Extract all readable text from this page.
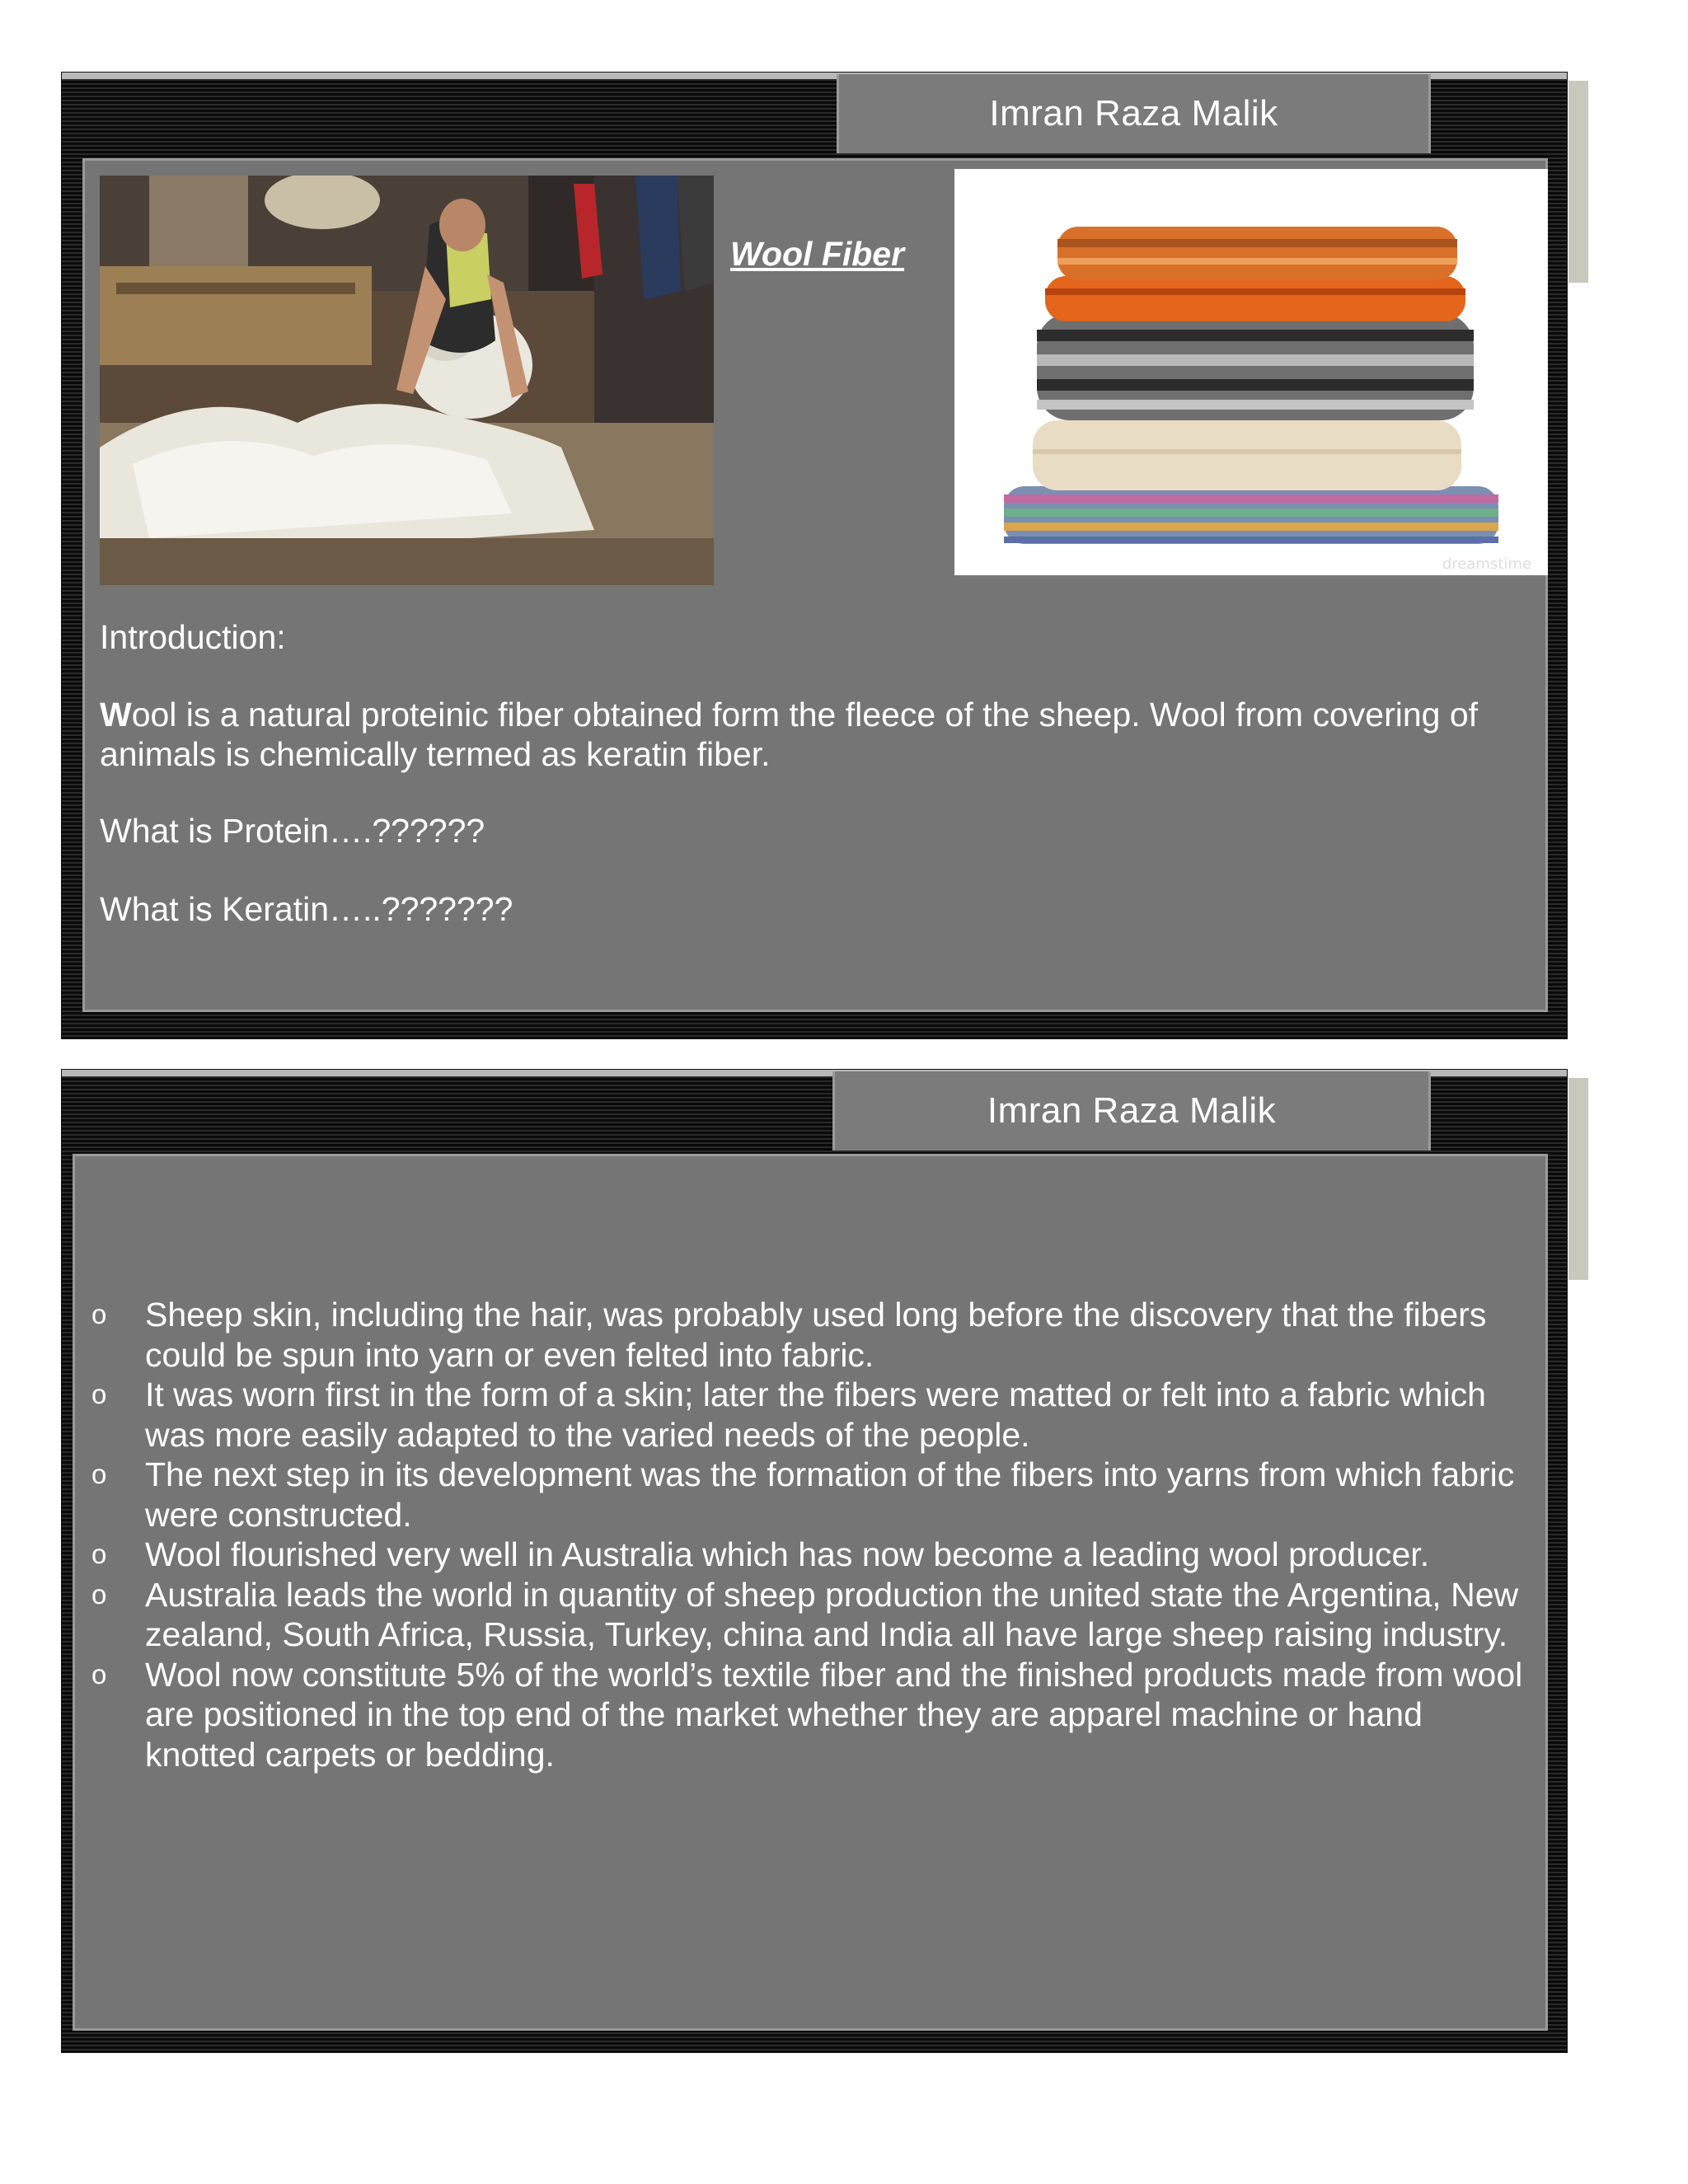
Imran Raza Malik
Wool Fiber
dreamstime
Introduction:
Wool is a natural proteinic fiber obtained form the fleece of the sheep. Wool from covering of animals is chemically termed as keratin fiber.
What is Protein….??????
What is Keratin…..???????
Imran Raza Malik
o	Sheep skin, including the hair, was probably used long before the discovery that the fibers could be spun into yarn or even felted into fabric.
o	It was worn first in the form of a skin; later the fibers were matted or felt into a fabric which was more easily adapted to the varied needs of the people.
o	The next step in its development was the formation of the fibers into yarns from which fabric were constructed.
o	Wool flourished very well in Australia which has now become a leading wool producer.
o	Australia leads the world in quantity of sheep production the united state the Argentina, New zealand, South Africa, Russia, Turkey, china and India all have large sheep raising industry.
o	Wool now constitute 5% of the world’s textile fiber and the finished products made from wool are positioned in the top end of the market whether they are apparel machine or hand knotted carpets or bedding.
